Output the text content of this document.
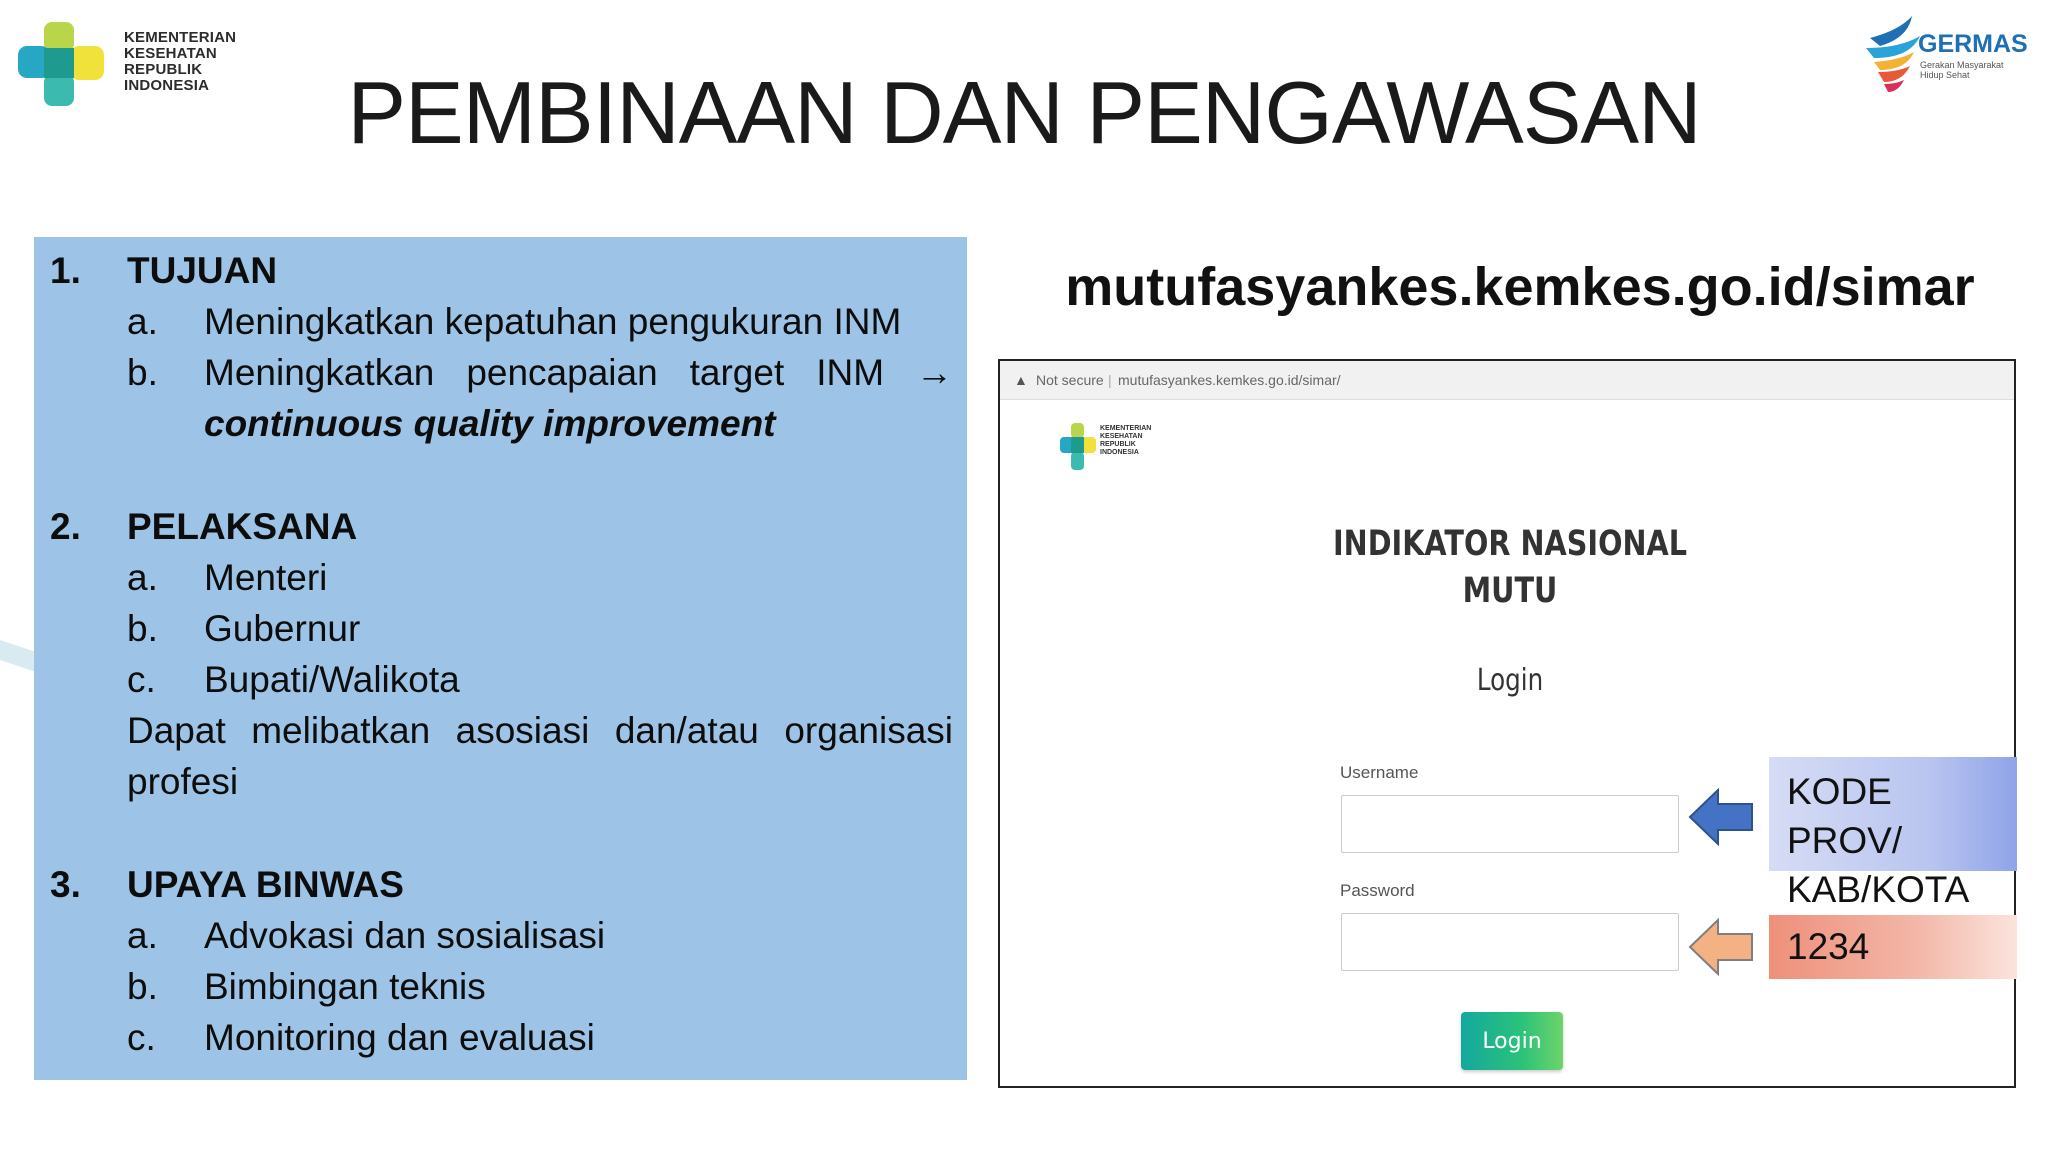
KEMENTERIAN
KESEHATAN
REPUBLIK
INDONESIA	PEMBINAAN DAN PENGAWASAN
GERMAS
Gerakan Masyarakat
Hidup Sehat
1. TUJUAN
a. Meningkatkan kepatuhan pengukuran INM
b. Meningkatkan pencapaian target INM →
continuous quality improvement
2. PELAKSANA
a. Menteri
b. Gubernur
c. Bupati/Walikota
Dapat melibatkan asosiasi dan/atau organisasi
profesi
3. UPAYA BINWAS
a. Advokasi dan sosialisasi
b. Bimbingan teknis
c. Monitoring dan evaluasi
mutufasyankes.kemkes.go.id/simar
▲ Not secure | mutufasyankes.kemkes.go.id/simar/
KEMENTERIAN
KESEHATAN
REPUBLIK
INDONESIA
INDIKATOR NASIONAL
MUTU
Login
Username
Password
Login
KODE PROV/
KAB/KOTA
1234
